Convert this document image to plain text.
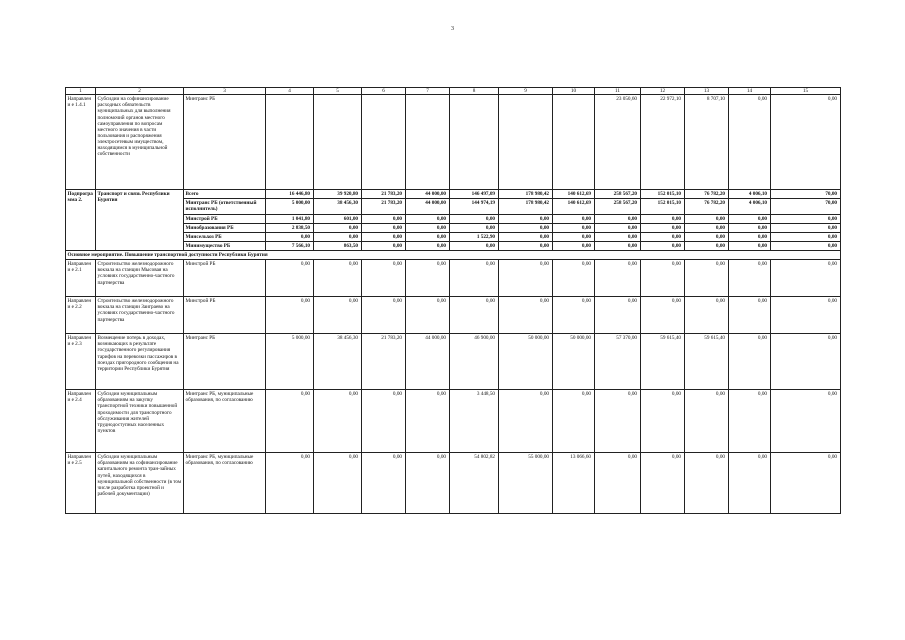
3
1	2	3	4	5	6	7	8	9	10	11	12	13	14	15
Направлени е 1.4.1	Субсидии на софинансирование расходных обязательств муниципальных для выполнения полномочий органов местного самоуправления по вопросам местного значения в части пользования и распоряжения электросетевым имуществом, находящимся в муниципальной собственности	Минтранс РБ								23 050,60	22 972,10	8 707,10	0,00	0,00
Подпрогра мма 2.	Транспорт и связь Республики Бурятия	Всего	16 446,80	39 920,80	21 783,20	44 000,00	146 497,09	178 980,42	140 612,69	258 567,20	152 015,10	76 782,20	4 006,10	70,00
		Минтранс РБ (ответственный исполнитель)	5 000,00	38 456,30	21 783,20	44 000,00	144 974,19	178 980,42	140 612,69	258 567,20	152 015,10	76 782,20	4 006,10	70,00
		Минстрой РБ	1 041,80	601,00	0,00	0,00	0,00	0,00	0,00	0,00	0,00	0,00	0,00	0,00
		Минобразования РБ	2 838,50	0,00	0,00	0,00	0,00	0,00	0,00	0,00	0,00	0,00	0,00	0,00
		Минсельхоз РБ	0,00	0,00	0,00	0,00	1 522,90	0,00	0,00	0,00	0,00	0,00	0,00	0,00
		Минимущество РБ	7 566,10	863,50	0,00	0,00	0,00	0,00	0,00	0,00	0,00	0,00	0,00	0,00
Основное мероприятие. Повышение транспортной доступности Республики Бурятия														
Направлени е 2.1	Строительство железнодорожного вокзала на станции Мысовая на условиях государственно-частного партнерства	Минстрой РБ	0,00	0,00	0,00	0,00	0,00	0,00	0,00	0,00	0,00	0,00	0,00	0,00
Направлени е 2.2	Строительство железнодорожного вокзала на станции Заиграево на условиях государственно-частного партнерства	Минстрой РБ	0,00	0,00	0,00	0,00	0,00	0,00	0,00	0,00	0,00	0,00	0,00	0,00
Направлени е 2.3	Возмещение потерь в доходах, возникающих в результате государственного регулирования тарифов на перевозки пассажиров в поездах пригородного сообщения на территории Республики Бурятия	Минтранс РБ	5 000,00	38 456,30	21 783,20	44 000,00	46 900,00	50 000,00	50 000,00	57 370,00	59 615,40	59 615,40	0,00	0,00
Направлени е 2.4	Субсидии муниципальным образованиям на закупку транспортной техники повышенной проходимости для транспортного обслуживания жителей труднодоступных населенных пунктов	Минтранс РБ, муниципальные образования, по согласованию	0,00	0,00	0,00	0,00	3 448,50	0,00	0,00	0,00	0,00	0,00	0,00	0,00
Направлени е 2.5	Субсидии муниципальным образованиям на софинансирование капитального ремонта тран-зайных путей, находящихся в муниципальной собственности (в том числе разработка проектной и рабочей документации)	Минтранс РБ, муниципальные образования, по согласованию	0,00	0,00	0,00	0,00	54 802,82	55 000,00	13 066,60	0,00	0,00	0,00	0,00	0,00
